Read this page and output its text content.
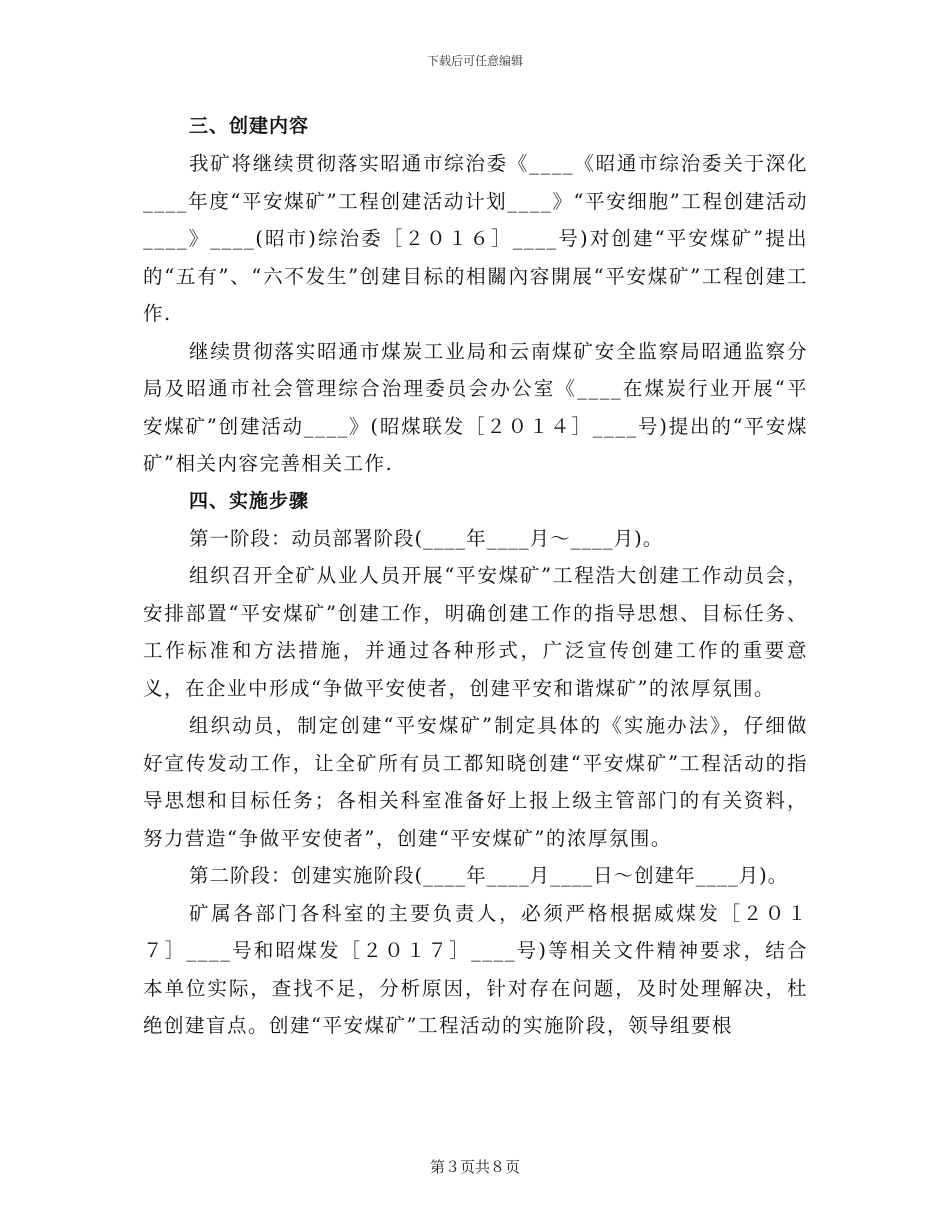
下载后可任意编辑
三、创建内容

我矿将继续贯彻落实昭通市综治委《____《昭通市综治委关于深化____年度“平安煤矿”工程创建活动计划____》“平安细胞”工程创建活动____》____(昭市)综治委［２０１６］____号)对创建“平安煤矿”提出的“五有”、“六不发生”创建目标的相關內容開展“平安煤矿”工程创建工作.

继续贯彻落实昭通市煤炭工业局和云南煤矿安全监察局昭通监察分局及昭通市社会管理综合治理委员会办公室《____在煤炭行业开展“平安煤矿”创建活动____》(昭煤联发［２０１４］____号)提出的“平安煤矿”相关内容完善相关工作.

四、实施步骤
第一阶段：动员部署阶段(____年____月～____月)。

组织召开全矿从业人员开展“平安煤矿”工程浩大创建工作动员会，安排部置“平安煤矿”创建工作，明确创建工作的指导思想、目标任务、工作标准和方法措施，并通过各种形式，广泛宣传创建工作的重要意义，在企业中形成“争做平安使者，创建平安和谐煤矿”的浓厚氛围。

组织动员，制定创建“平安煤矿”制定具体的《实施办法》，仔细做好宣传发动工作，让全矿所有员工都知晓创建“平安煤矿”工程活动的指导思想和目标任务；各相关科室准备好上报上级主管部门的有关资料，努力营造“争做平安使者”，创建“平安煤矿”的浓厚氛围。

第二阶段：创建实施阶段(____年____月____日～创建年____月)。

矿属各部门各科室的主要负责人，必须严格根据威煤发［２０１７］____号和昭煤发［２０１７］____号)等相关文件精神要求，结合本单位实际，查找不足，分析原因，针对存在问题，及时处理解决，杜绝创建盲点。创建“平安煤矿”工程活动的实施阶段，领导组要根

第３页共８页
